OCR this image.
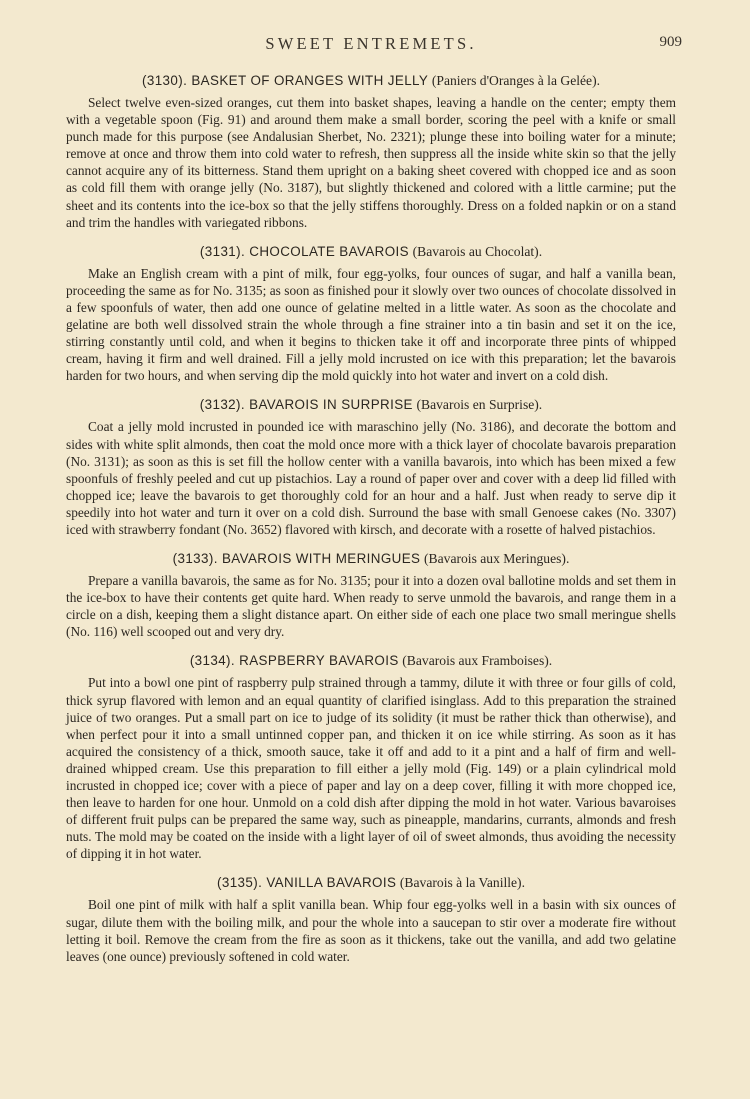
SWEET ENTREMETS.	909
(3130). BASKET OF ORANGES WITH JELLY (Paniers d'Oranges à la Gelée).

Select twelve even-sized oranges, cut them into basket shapes, leaving a handle on the center; empty them with a vegetable spoon (Fig. 91) and around them make a small border, scoring the peel with a knife or small punch made for this purpose (see Andalusian Sherbet, No. 2321); plunge these into boiling water for a minute; remove at once and throw them into cold water to refresh, then suppress all the inside white skin so that the jelly cannot acquire any of its bitterness. Stand them upright on a baking sheet covered with chopped ice and as soon as cold fill them with orange jelly (No. 3187), but slightly thickened and colored with a little carmine; put the sheet and its contents into the ice-box so that the jelly stiffens thoroughly. Dress on a folded napkin or on a stand and trim the handles with variegated ribbons.

(3131). CHOCOLATE BAVAROIS (Bavarois au Chocolat).

Make an English cream with a pint of milk, four egg-yolks, four ounces of sugar, and half a vanilla bean, proceeding the same as for No. 3135; as soon as finished pour it slowly over two ounces of chocolate dissolved in a few spoonfuls of water, then add one ounce of gelatine melted in a little water. As soon as the chocolate and gelatine are both well dissolved strain the whole through a fine strainer into a tin basin and set it on the ice, stirring constantly until cold, and when it begins to thicken take it off and incorporate three pints of whipped cream, having it firm and well drained. Fill a jelly mold incrusted on ice with this preparation; let the bavarois harden for two hours, and when serving dip the mold quickly into hot water and invert on a cold dish.

(3132). BAVAROIS IN SURPRISE (Bavarois en Surprise).

Coat a jelly mold incrusted in pounded ice with maraschino jelly (No. 3186), and decorate the bottom and sides with white split almonds, then coat the mold once more with a thick layer of chocolate bavarois preparation (No. 3131); as soon as this is set fill the hollow center with a vanilla bavarois, into which has been mixed a few spoonfuls of freshly peeled and cut up pistachios. Lay a round of paper over and cover with a deep lid filled with chopped ice; leave the bavarois to get thoroughly cold for an hour and a half. Just when ready to serve dip it speedily into hot water and turn it over on a cold dish. Surround the base with small Genoese cakes (No. 3307) iced with strawberry fondant (No. 3652) flavored with kirsch, and decorate with a rosette of halved pistachios.

(3133). BAVAROIS WITH MERINGUES (Bavarois aux Meringues).

Prepare a vanilla bavarois, the same as for No. 3135; pour it into a dozen oval ballotine molds and set them in the ice-box to have their contents get quite hard. When ready to serve unmold the bavarois, and range them in a circle on a dish, keeping them a slight distance apart. On either side of each one place two small meringue shells (No. 116) well scooped out and very dry.

(3134). RASPBERRY BAVAROIS (Bavarois aux Framboises).

Put into a bowl one pint of raspberry pulp strained through a tammy, dilute it with three or four gills of cold, thick syrup flavored with lemon and an equal quantity of clarified isinglass. Add to this preparation the strained juice of two oranges. Put a small part on ice to judge of its solidity (it must be rather thick than otherwise), and when perfect pour it into a small untinned copper pan, and thicken it on ice while stirring. As soon as it has acquired the consistency of a thick, smooth sauce, take it off and add to it a pint and a half of firm and well-drained whipped cream. Use this preparation to fill either a jelly mold (Fig. 149) or a plain cylindrical mold incrusted in chopped ice; cover with a piece of paper and lay on a deep cover, filling it with more chopped ice, then leave to harden for one hour. Unmold on a cold dish after dipping the mold in hot water. Various bavaroises of different fruit pulps can be prepared the same way, such as pineapple, mandarins, currants, almonds and fresh nuts. The mold may be coated on the inside with a light layer of oil of sweet almonds, thus avoiding the necessity of dipping it in hot water.

(3135). VANILLA BAVAROIS (Bavarois à la Vanille).

Boil one pint of milk with half a split vanilla bean. Whip four egg-yolks well in a basin with six ounces of sugar, dilute them with the boiling milk, and pour the whole into a saucepan to stir over a moderate fire without letting it boil. Remove the cream from the fire as soon as it thickens, take out the vanilla, and add two gelatine leaves (one ounce) previously softened in cold water.
